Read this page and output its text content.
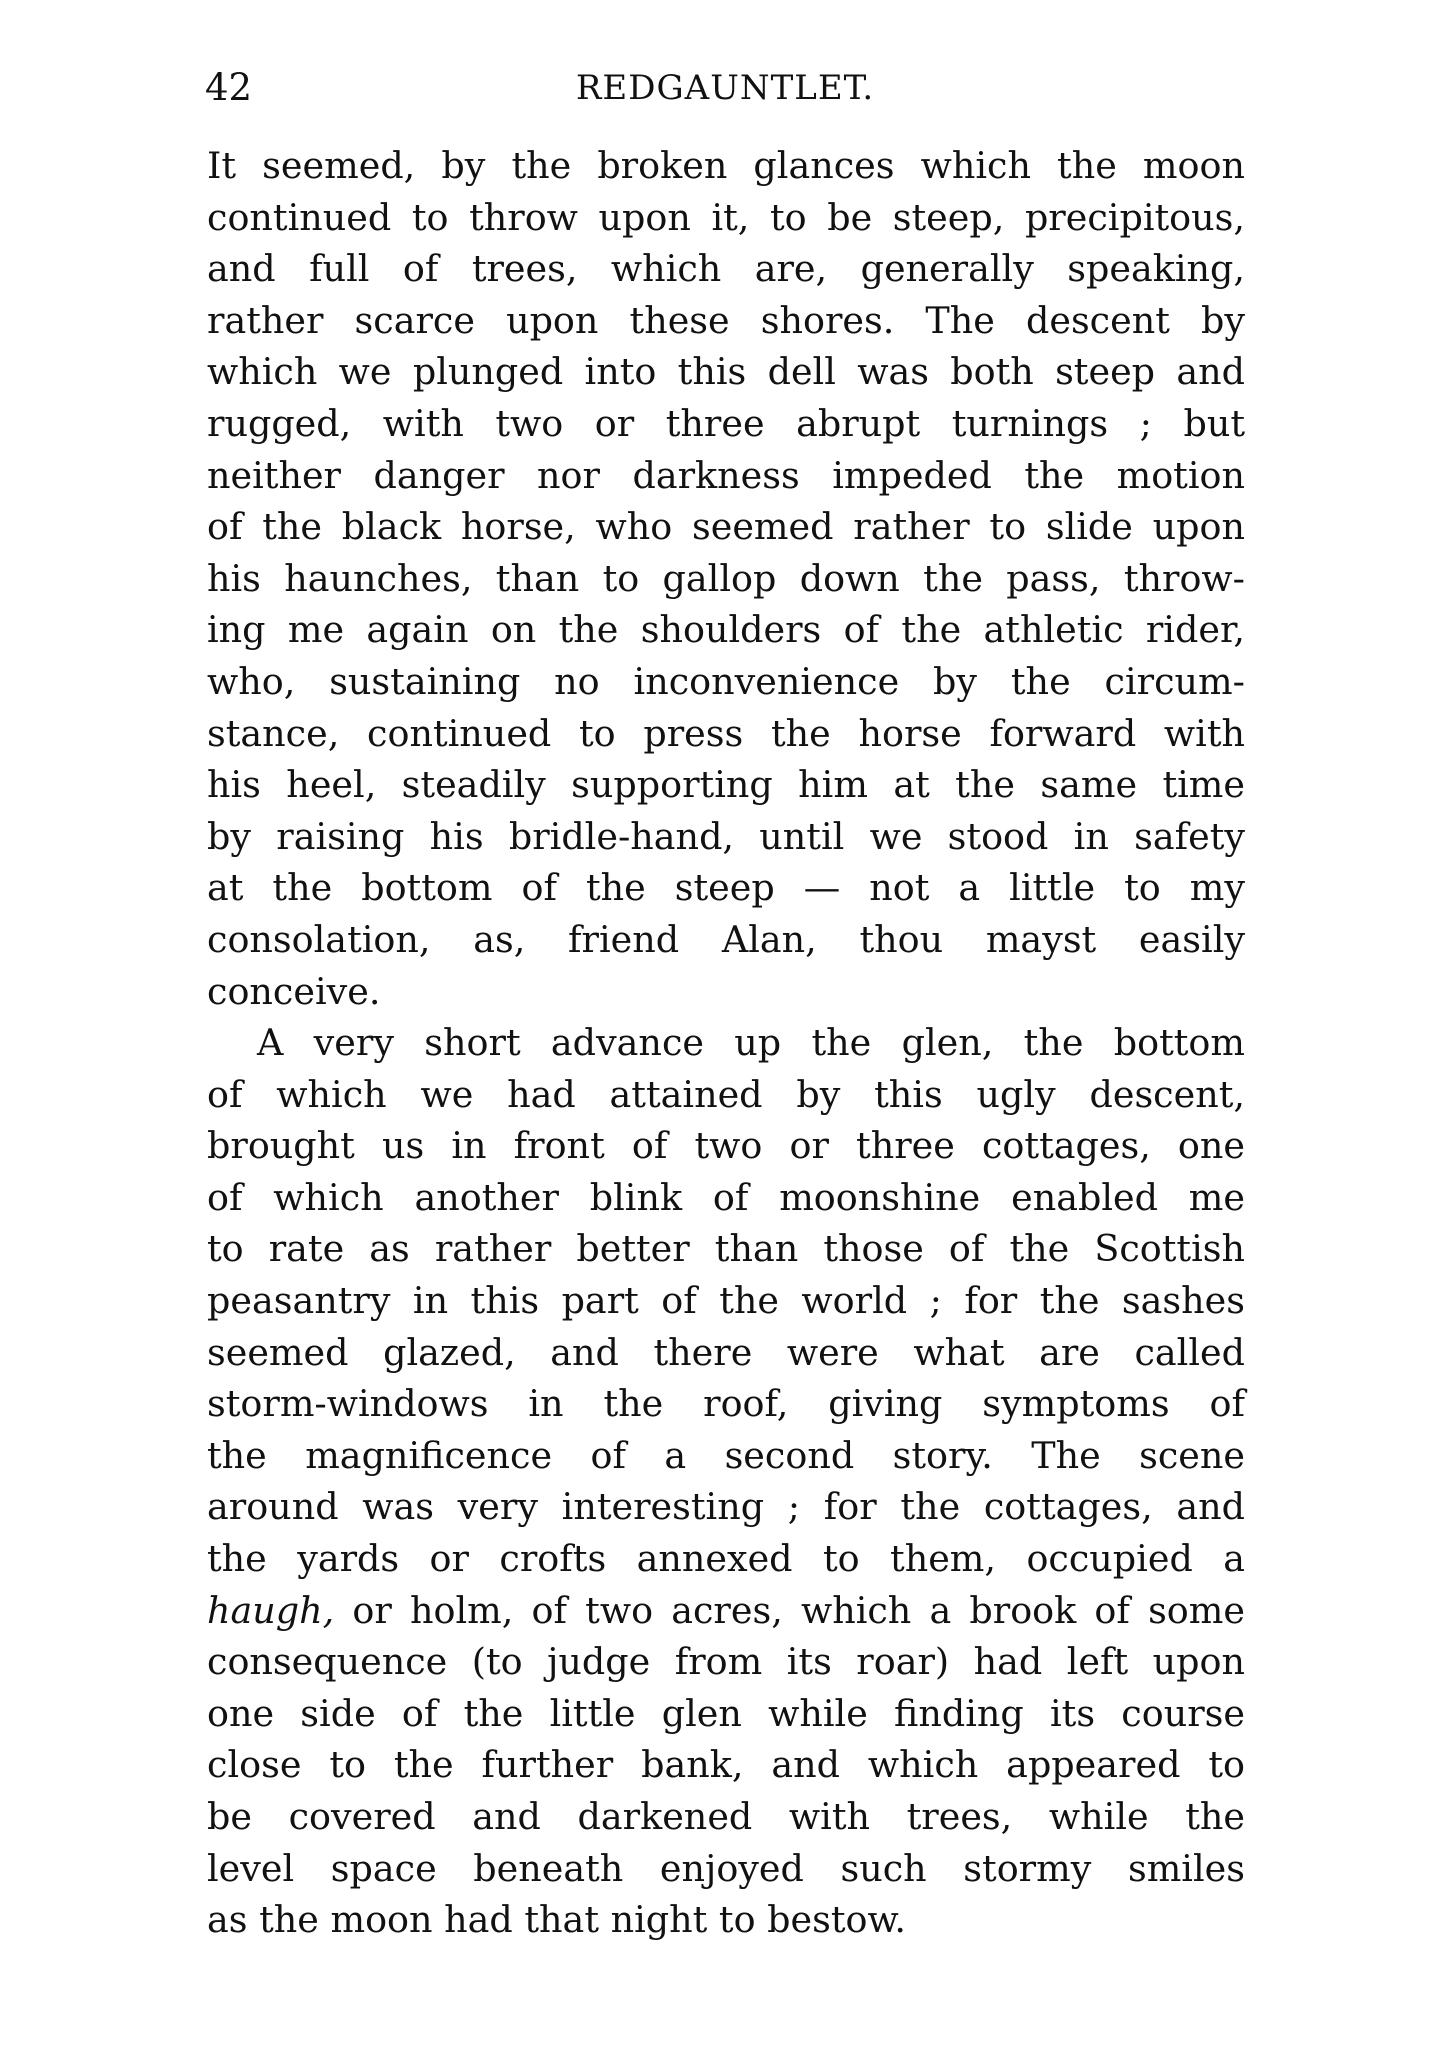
42	REDGAUNTLET.
It seemed, by the broken glances which the moon
continued to throw upon it, to be steep, precipitous,
and full of trees, which are, generally speaking,
rather scarce upon these shores. The descent by
which we plunged into this dell was both steep and
rugged, with two or three abrupt turnings ; but
neither danger nor darkness impeded the motion
of the black horse, who seemed rather to slide upon
his haunches, than to gallop down the pass, throw-
ing me again on the shoulders of the athletic rider,
who, sustaining no inconvenience by the circum-
stance, continued to press the horse forward with
his heel, steadily supporting him at the same time
by raising his bridle-hand, until we stood in safety
at the bottom of the steep — not a little to my
consolation, as, friend Alan, thou mayst easily
conceive.
A very short advance up the glen, the bottom
of which we had attained by this ugly descent,
brought us in front of two or three cottages, one
of which another blink of moonshine enabled me
to rate as rather better than those of the Scottish
peasantry in this part of the world ; for the sashes
seemed glazed, and there were what are called
storm-windows in the roof, giving symptoms of
the magnificence of a second story. The scene
around was very interesting ; for the cottages, and
the yards or crofts annexed to them, occupied a
haugh, or holm, of two acres, which a brook of some
consequence (to judge from its roar) had left upon
one side of the little glen while finding its course
close to the further bank, and which appeared to
be covered and darkened with trees, while the
level space beneath enjoyed such stormy smiles
as the moon had that night to bestow.
